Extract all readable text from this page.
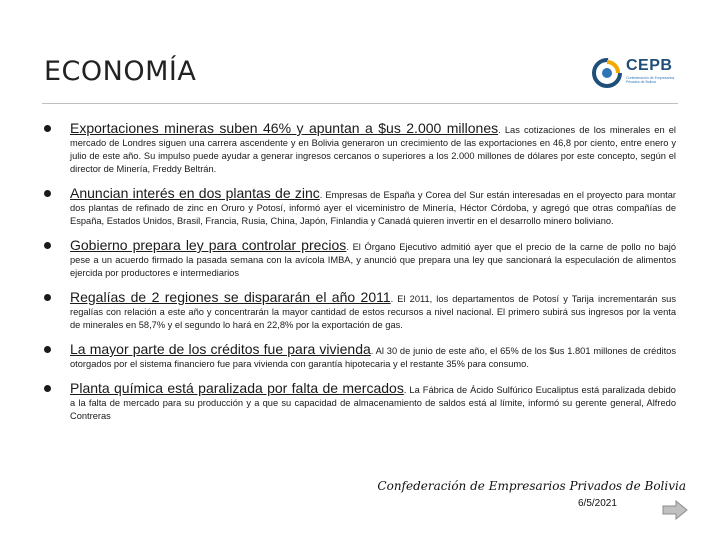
ECONOMÍA	CEPB
Confederación de Empresarios Privados de Bolivia
Exportaciones mineras suben 46% y apuntan a $us 2.000 millones. Las cotizaciones de los minerales en el mercado de Londres siguen una carrera ascendente y en Bolivia generaron un crecimiento de las exportaciones en 46,8 por ciento, entre enero y julio de este año. Su impulso puede ayudar a generar ingresos cercanos o superiores a los 2.000 millones de dólares por este concepto, según el director de Minería, Freddy Beltrán.
Anuncian interés en dos plantas de zinc. Empresas de España y Corea del Sur están interesadas en el proyecto para montar dos plantas de refinado de zinc en Oruro y Potosí, informó ayer el viceministro de Minería, Héctor Córdoba, y agregó que otras compañías de España, Estados Unidos, Brasil, Francia, Rusia, China, Japón, Finlandia y Canadá quieren invertir en el desarrollo minero boliviano.
Gobierno prepara ley para controlar precios. El Órgano Ejecutivo admitió ayer que el precio de la carne de pollo no bajó pese a un acuerdo firmado la pasada semana con la avícola IMBA, y anunció que prepara una ley que sancionará la especulación de alimentos ejercida por productores e intermediarios
Regalías de 2 regiones se dispararán el año 2011. El 2011, los departamentos de Potosí y Tarija incrementarán sus regalías con relación a este año y concentrarán la mayor cantidad de estos recursos a nivel nacional. El primero subirá sus ingresos por la venta de minerales en 58,7% y el segundo lo hará en 22,8% por la exportación de gas.
La mayor parte de los créditos fue para vivienda. Al 30 de junio de este año, el 65% de los $us 1.801 millones de créditos otorgados por el sistema financiero fue para vivienda con garantía hipotecaria y el restante 35% para consumo.
Planta química está paralizada por falta de mercados. La Fábrica de Ácido Sulfúrico Eucaliptus está paralizada debido a la falta de mercado para su producción y a que su capacidad de almacenamiento de saldos está al límite, informó su gerente general, Alfredo Contreras
Confederación de Empresarios Privados de Bolivia
6/5/2021
